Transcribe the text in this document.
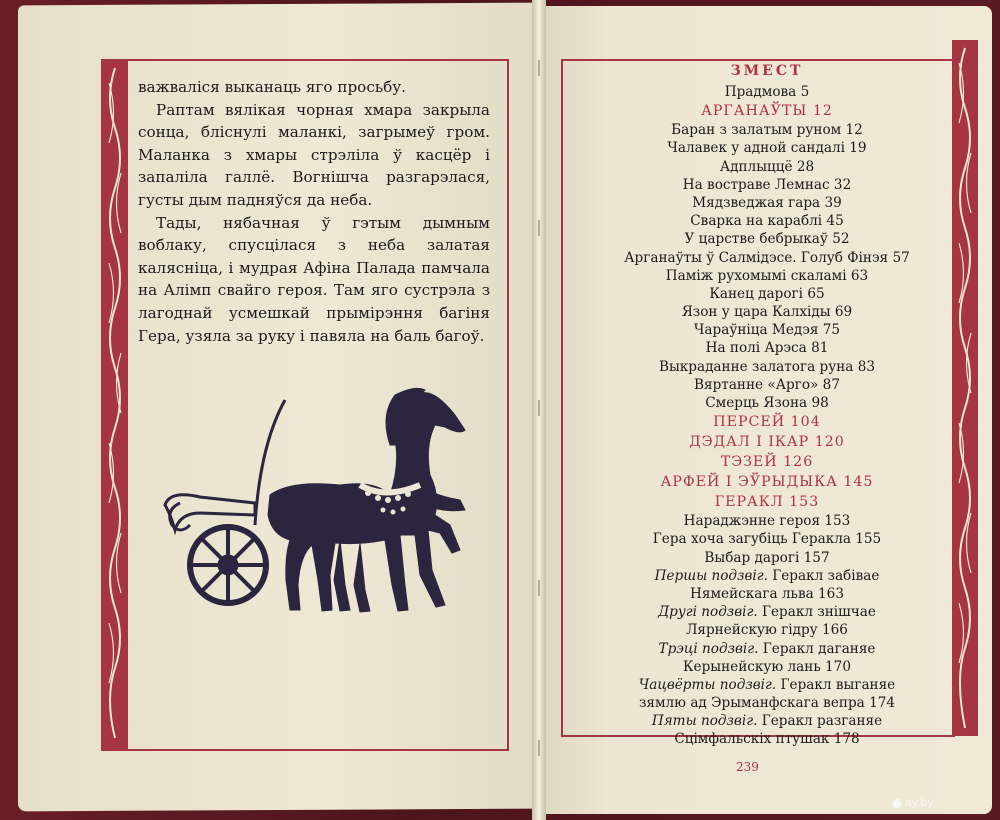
важваліся выканаць яго просьбу.

Раптам вялікая чорная хмара закрыла сонца, бліснулі маланкі, загрымеў гром. Маланка з хмары стрэліла ў касцёр і запаліла галлё. Вогнішча разгарэлася, густы дым падняўся да неба.

Тады, нябачная ў гэтым дымным воблаку, спусцілася з неба залатая калясніца, і мудрая Афіна Палада памчала на Алімп свайго героя. Там яго сустрэла з лагоднай усмешкай прымірэння багіня Гера, узяла за руку і павяла на баль багоў.

ЗМЕСТ
Прадмова 5
АРГАНАЎТЫ 12
Баран з залатым руном 12
Чалавек у адной сандалі 19
Адплыццё 28
На востраве Лемнас 32
Мядзведжая гара 39
Сварка на караблі 45
У царстве бебрыкаў 52
Арганаўты ў Салмідэсе. Голуб Фінэя 57
Паміж рухомымі скаламі 63
Канец дарогі 65
Язон у цара Калхіды 69
Чараўніца Медэя 75
На полі Арэса 81
Выкраданне залатога руна 83
Вяртанне «Арго» 87
Смерць Язона 98
ПЕРСЕЙ 104
ДЭДАЛ І ІКАР 120
ТЭЗЕЙ 126
АРФЕЙ І ЭЎРЫДЫКА 145
ГЕРАКЛ 153
Нараджэнне героя 153
Гера хоча загубіць Геракла 155
Выбар дарогі 157
Першы подзвіг. Геракл забівае
Нямейскага льва 163
Другі подзвіг. Геракл знішчае
Лярнейскую гідру 166
Трэці подзвіг. Геракл даганяе
Керынейскую лань 170
Чацвёрты подзвіг. Геракл выганяе
зямлю ад Эрыманфскага вепра 174
Пяты подзвіг. Геракл разганяе
Сцімфальскіх птушак 178
239
⬤ ay.by
